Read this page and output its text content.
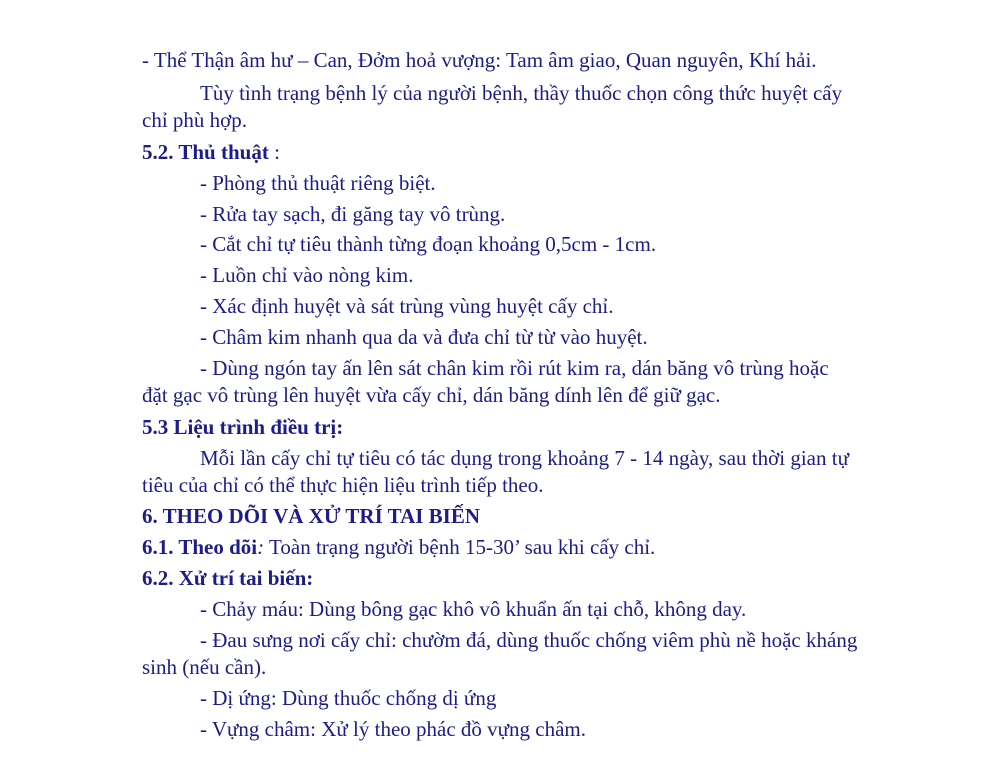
- Thể Thận âm hư – Can, Đởm hoả vượng: Tam âm giao, Quan nguyên, Khí hải.
Tùy tình trạng bệnh lý của người bệnh, thầy thuốc chọn công thức huyệt cấy
chỉ phù hợp.
5.2. Thủ thuật :
- Phòng thủ thuật riêng biệt.
- Rửa tay sạch, đi găng tay vô trùng.
- Cắt chỉ tự tiêu thành từng đoạn khoảng 0,5cm - 1cm.
- Luồn chỉ vào nòng kim.
- Xác định huyệt và sát trùng vùng huyệt cấy chỉ.
- Châm kim nhanh qua da và đưa chỉ từ từ vào huyệt.
- Dùng ngón tay ấn lên sát chân kim rồi rút kim ra, dán băng vô trùng hoặc
đặt gạc vô trùng lên huyệt vừa cấy chỉ, dán băng dính lên để giữ gạc.
5.3 Liệu trình điều trị:
Mỗi lần cấy chỉ tự tiêu có tác dụng trong khoảng 7 - 14 ngày, sau thời gian tự
tiêu của chỉ có thể thực hiện liệu trình tiếp theo.
6. THEO DÕI VÀ XỬ TRÍ TAI BIẾN
6.1. Theo dõi: Toàn trạng người bệnh 15-30’ sau khi cấy chỉ.
6.2. Xử trí tai biến:
- Chảy máu: Dùng bông gạc khô vô khuẩn ấn tại chỗ, không day.
- Đau sưng nơi cấy chỉ: chườm đá, dùng thuốc chống viêm phù nề hoặc kháng
sinh (nếu cần).
- Dị ứng: Dùng thuốc chống dị ứng
- Vựng châm: Xử lý theo phác đồ vựng châm.
